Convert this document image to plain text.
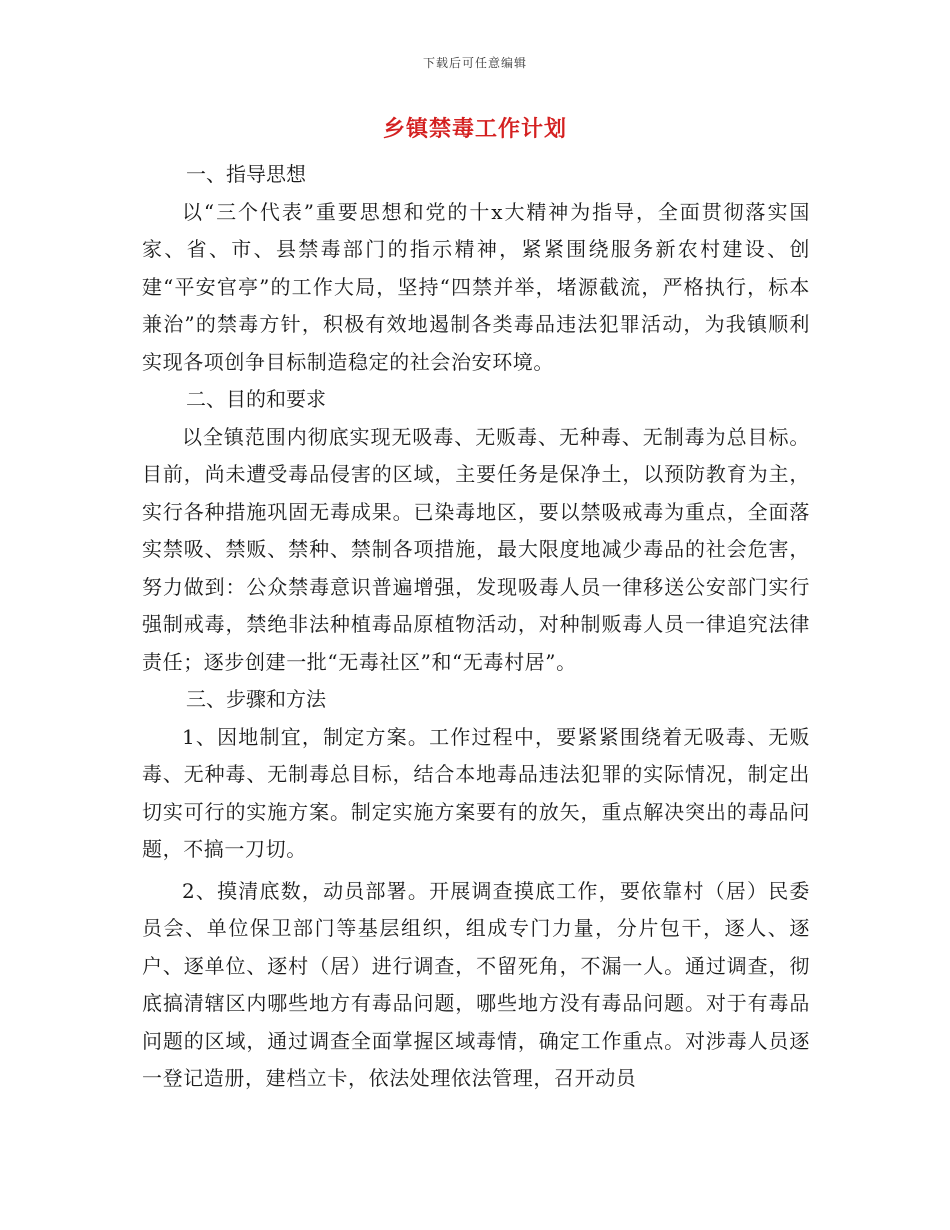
下载后可任意编辑
乡镇禁毒工作计划

一、指导思想

以“三个代表”重要思想和党的十x大精神为指导，全面贯彻落实国家、省、市、县禁毒部门的指示精神，紧紧围绕服务新农村建设、创建“平安官亭”的工作大局，坚持“四禁并举，堵源截流，严格执行，标本兼治”的禁毒方针，积极有效地遏制各类毒品违法犯罪活动，为我镇顺利实现各项创争目标制造稳定的社会治安环境。

二、目的和要求

以全镇范围内彻底实现无吸毒、无贩毒、无种毒、无制毒为总目标。目前，尚未遭受毒品侵害的区域，主要任务是保净土，以预防教育为主，实行各种措施巩固无毒成果。已染毒地区，要以禁吸戒毒为重点，全面落实禁吸、禁贩、禁种、禁制各项措施，最大限度地减少毒品的社会危害，努力做到：公众禁毒意识普遍增强，发现吸毒人员一律移送公安部门实行强制戒毒，禁绝非法种植毒品原植物活动，对种制贩毒人员一律追究法律责任；逐步创建一批“无毒社区”和“无毒村居”。

三、步骤和方法

1、因地制宜，制定方案。工作过程中，要紧紧围绕着无吸毒、无贩毒、无种毒、无制毒总目标，结合本地毒品违法犯罪的实际情况，制定出切实可行的实施方案。制定实施方案要有的放矢，重点解决突出的毒品问题，不搞一刀切。

2、摸清底数，动员部署。开展调查摸底工作，要依靠村（居）民委员会、单位保卫部门等基层组织，组成专门力量，分片包干，逐人、逐户、逐单位、逐村（居）进行调查，不留死角，不漏一人。通过调查，彻底搞清辖区内哪些地方有毒品问题，哪些地方没有毒品问题。对于有毒品问题的区域，通过调查全面掌握区域毒情，确定工作重点。对涉毒人员逐一登记造册，建档立卡，依法处理依法管理，召开动员
